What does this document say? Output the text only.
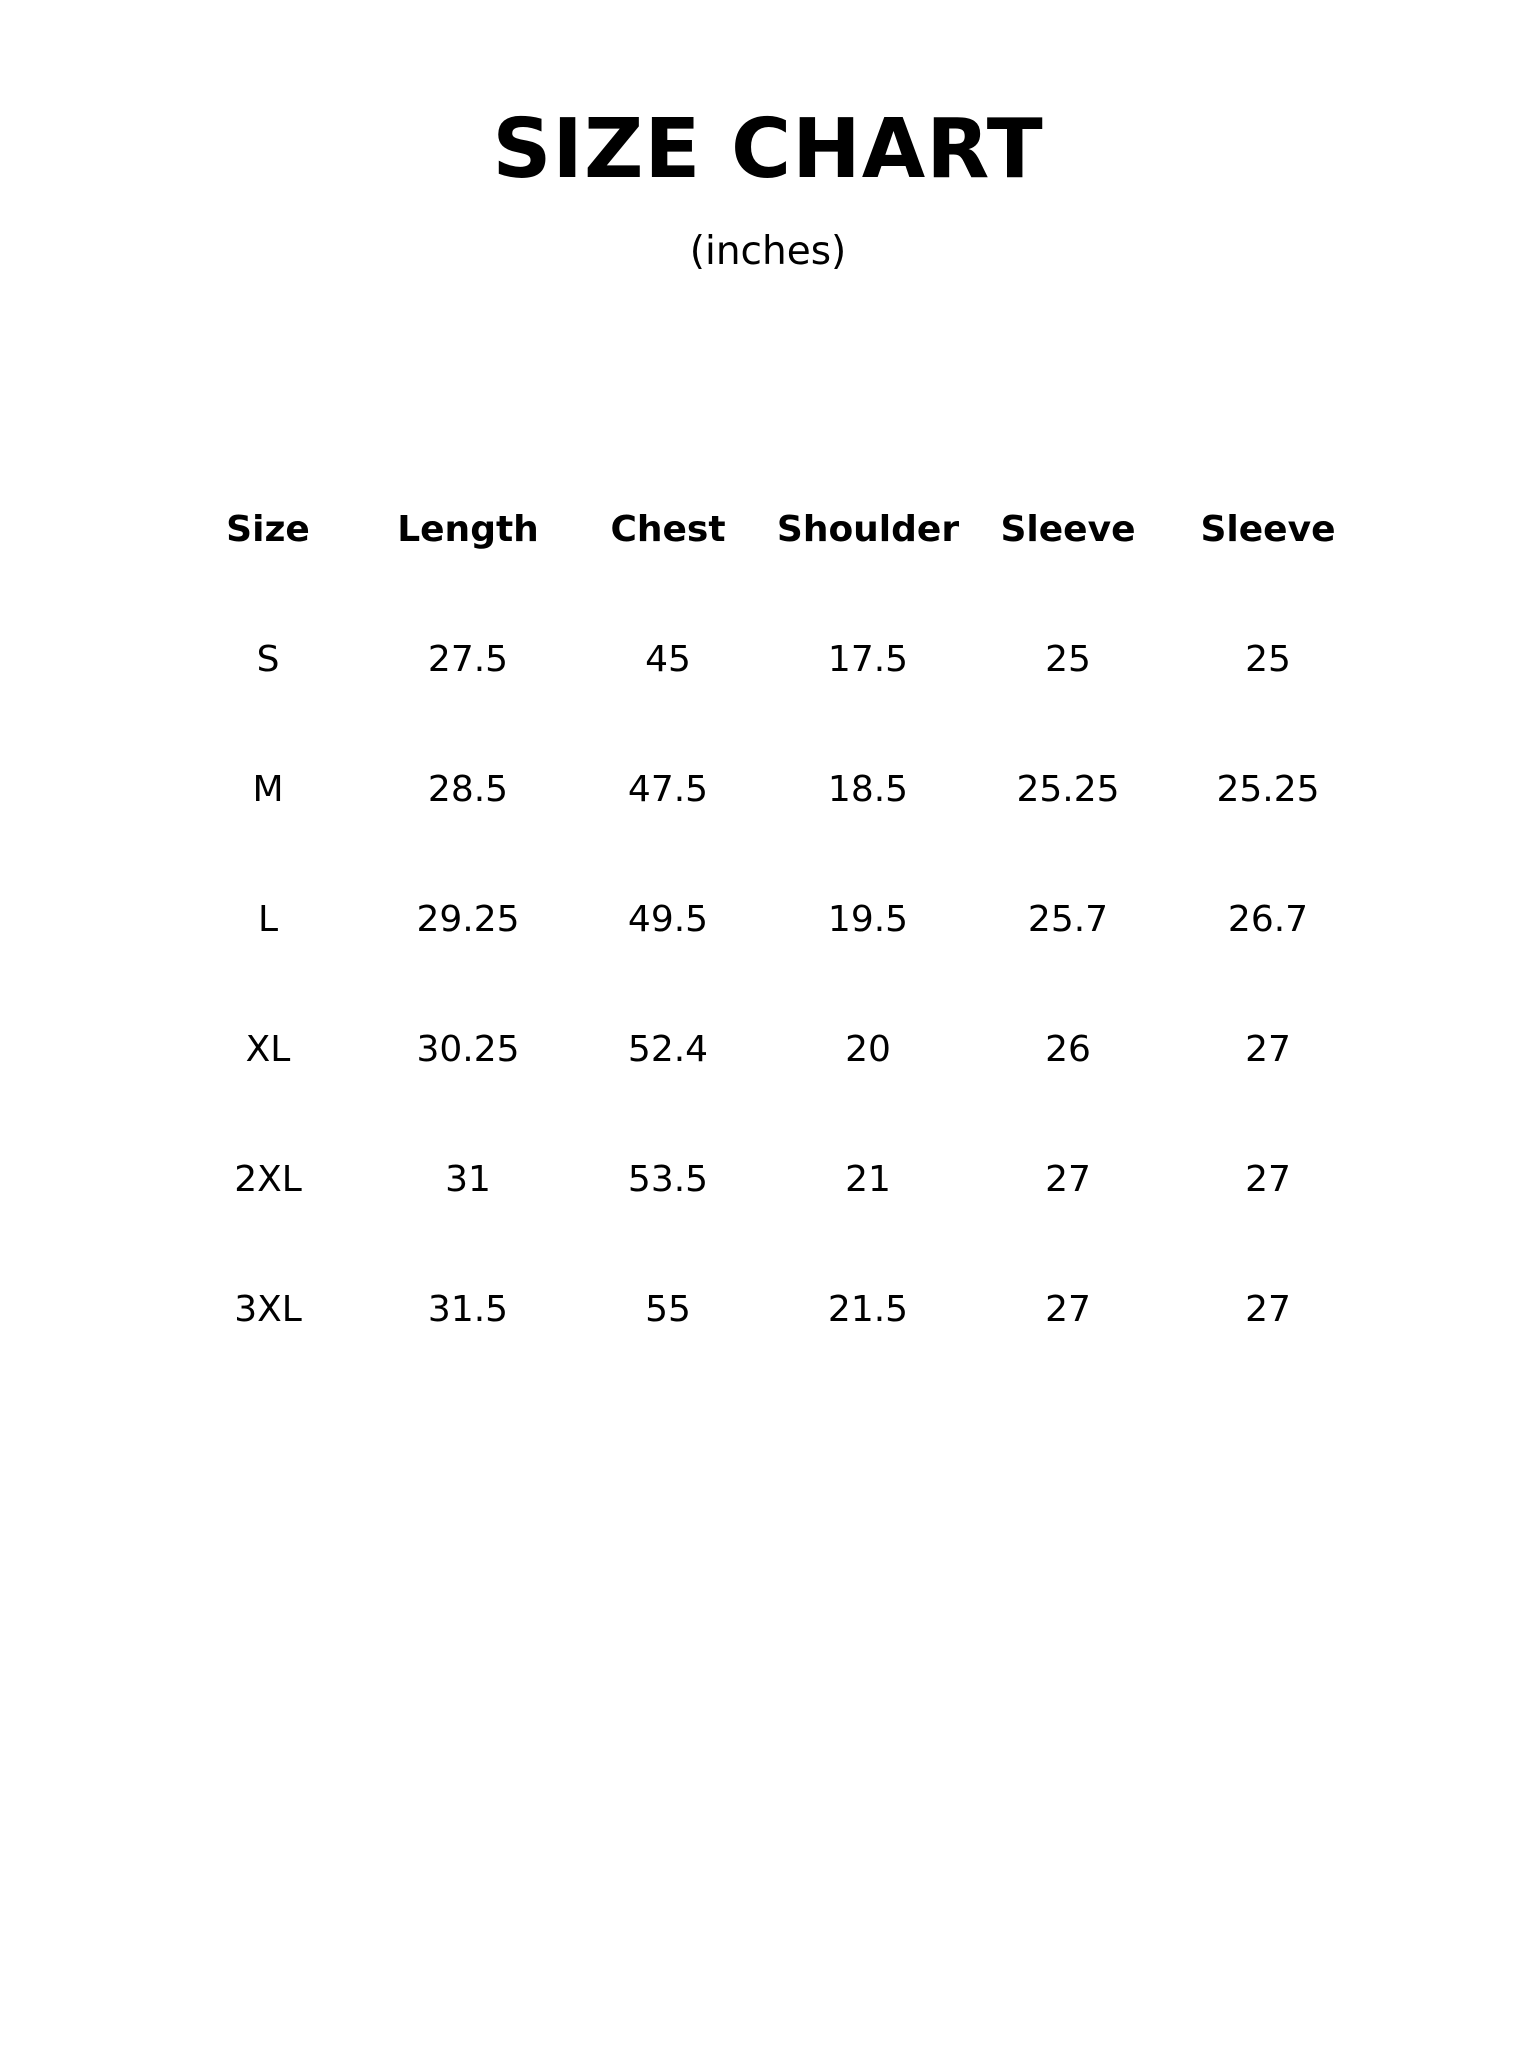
SIZE CHART
(inches)
Size	Length	Chest	Shoulder	Sleeve	Sleeve
S	27.5	45	17.5	25	25
M	28.5	47.5	18.5	25.25	25.25
L	29.25	49.5	19.5	25.7	26.7
XL	30.25	52.4	20	26	27
2XL	31	53.5	21	27	27
3XL	31.5	55	21.5	27	27
